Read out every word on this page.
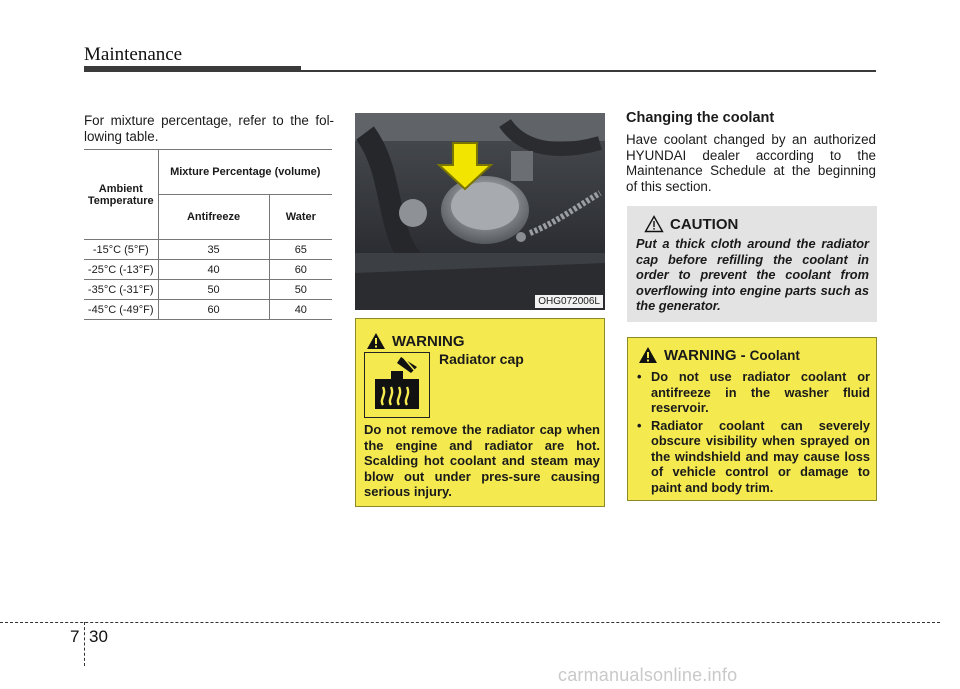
Maintenance

For mixture percentage, refer to the fol-lowing table.

Ambient Temperature	Mixture Percentage (volume)	
	Antifreeze	Water
-15°C (5°F)	35	65
-25°C (-13°F)	40	60
-35°C (-31°F)	50	50
-45°C (-49°F)	60	40
OHG072006L
WARNING
Radiator cap
Do not remove the radiator cap when the engine and radiator are hot. Scalding hot coolant and steam may blow out under pres-sure causing serious injury.
Changing the coolant

Have coolant changed by an authorized HYUNDAI dealer according to the Maintenance Schedule at the beginning of this section.

CAUTION
Put a thick cloth around the radiator cap before refilling the coolant in order to prevent the coolant from overflowing into engine parts such as the generator.
WARNING - Coolant
• Do not use radiator coolant or antifreeze in the washer fluid reservoir.
• Radiator coolant can severely obscure visibility when sprayed on the windshield and may cause loss of vehicle control or damage to paint and body trim.
7 30
carmanualsonline.info
